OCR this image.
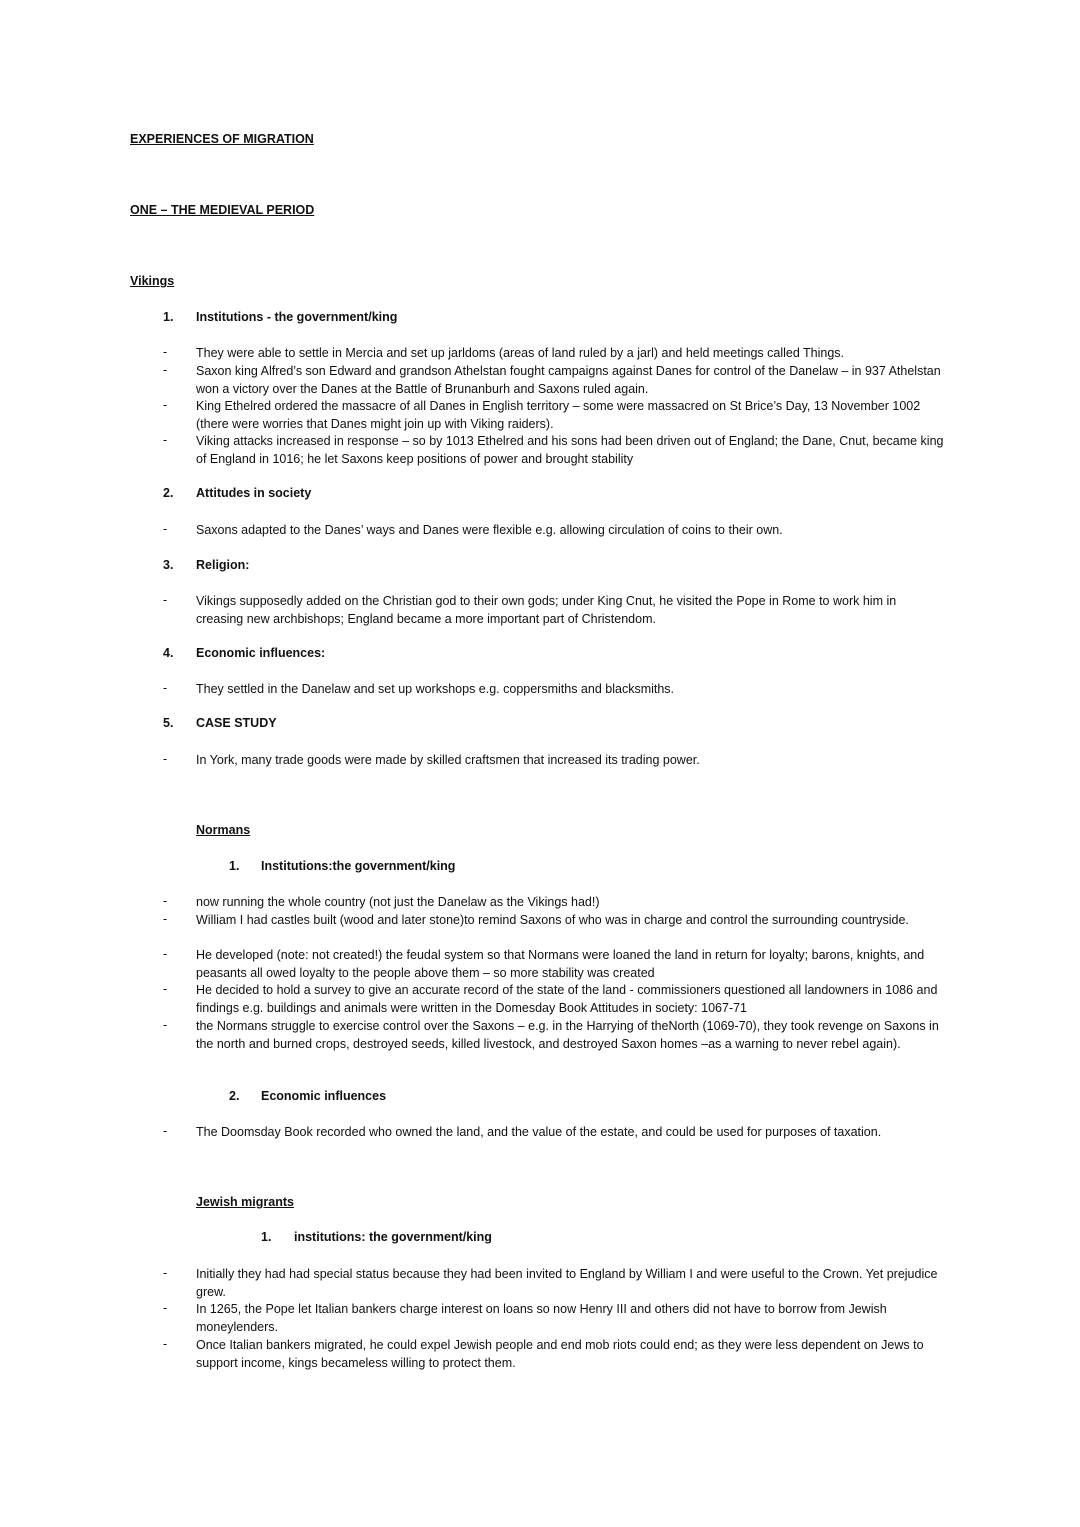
EXPERIENCES OF MIGRATION
ONE – THE MEDIEVAL PERIOD
Vikings
1. Institutions - the government/king
-	They were able to settle in Mercia and set up jarldoms (areas of land ruled by a jarl) and held meetings called Things.
-	Saxon king Alfred’s son Edward and grandson Athelstan fought campaigns against Danes for control of the Danelaw – in 937 Athelstan won a victory over the Danes at the Battle of Brunanburh and Saxons ruled again.
-	King Ethelred ordered the massacre of all Danes in English territory – some were massacred on St Brice’s Day, 13 November 1002 (there were worries that Danes might join up with Viking raiders).
-	Viking attacks increased in response – so by 1013 Ethelred and his sons had been driven out of England; the Dane, Cnut, became king of England in 1016; he let Saxons keep positions of power and brought stability
2. Attitudes in society
-	Saxons adapted to the Danes’ ways and Danes were flexible e.g. allowing circulation of coins to their own.
3. Religion:
-	Vikings supposedly added on the Christian god to their own gods; under King Cnut, he visited the Pope in Rome to work him in creasing new archbishops; England became a more important part of Christendom.
4. Economic influences:
-	They settled in the Danelaw and set up workshops e.g. coppersmiths and blacksmiths.
5. CASE STUDY
-	In York, many trade goods were made by skilled craftsmen that increased its trading power.
Normans
1. Institutions:the government/king
-	now running the whole country (not just the Danelaw as the Vikings had!)
-	William I had castles built (wood and later stone)to remind Saxons of who was in charge and control the surrounding countryside.
-	He developed (note: not created!) the feudal system so that Normans were loaned the land in return for loyalty; barons, knights, and peasants all owed loyalty to the people above them – so more stability was created
-	He decided to hold a survey to give an accurate record of the state of the land - commissioners questioned all landowners in 1086 and findings e.g. buildings and animals were written in the Domesday Book Attitudes in society: 1067-71
-	the Normans struggle to exercise control over the Saxons – e.g. in the Harrying of theNorth (1069-70), they took revenge on Saxons in the north and burned crops, destroyed seeds, killed livestock, and destroyed Saxon homes –as a warning to never rebel again).
2. Economic influences
-	The Doomsday Book recorded who owned the land, and the value of the estate, and could be used for purposes of taxation.
Jewish migrants
1. institutions: the government/king
-	Initially they had had special status because they had been invited to England by William I and were useful to the Crown. Yet prejudice grew.
-	In 1265, the Pope let Italian bankers charge interest on loans so now Henry III and others did not have to borrow from Jewish moneylenders.
-	Once Italian bankers migrated, he could expel Jewish people and end mob riots could end; as they were less dependent on Jews to support income, kings becameless willing to protect them.
